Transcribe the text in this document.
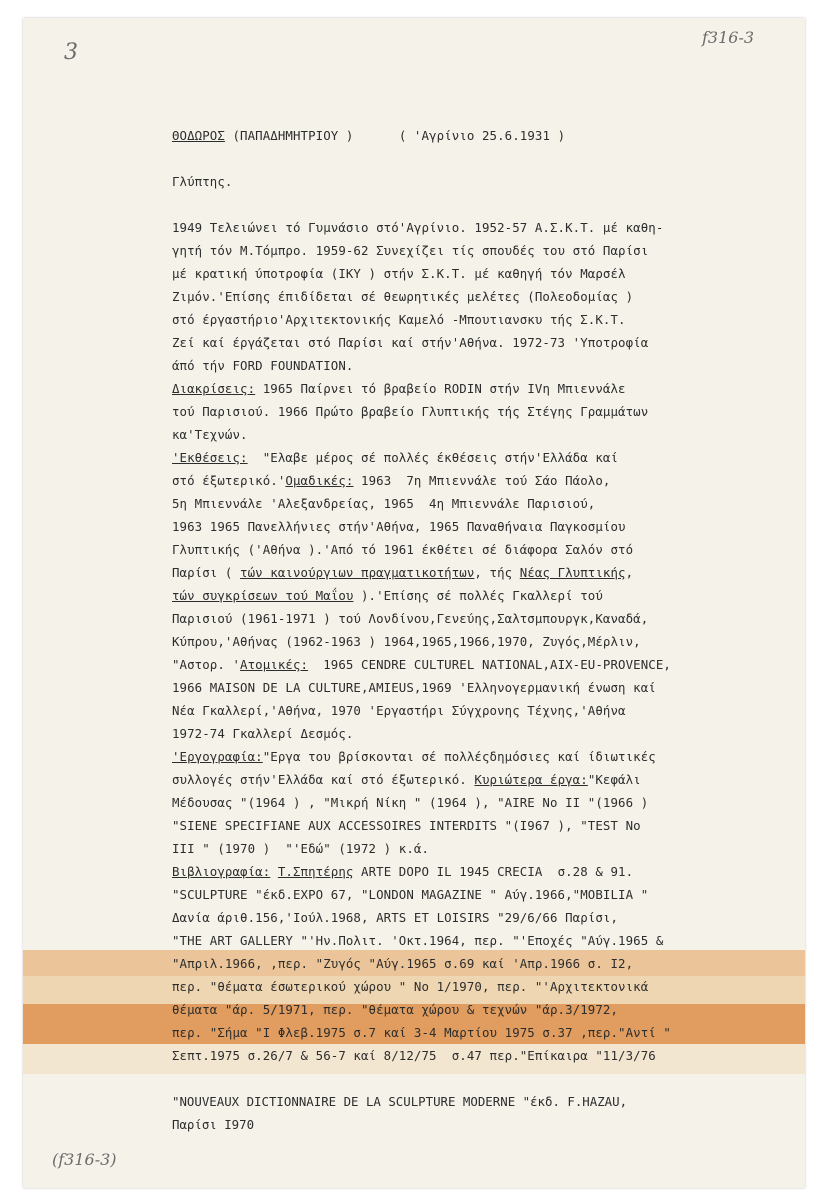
3
f316-3
(f316-3)

ΘΟΔΩΡΟΣ (ΠΑΠΑΔΗΜΗΤΡΙΟΥ )	( 'Αγρίνιο 25.6.1931 )

Γλύπτης.

1949 Τελειώνει τό Γυμνάσιο στό'Αγρίνιο. 1952-57 Α.Σ.Κ.Τ. μέ καθη-

γητή τόν Μ.Τόμπρο. 1959-62 Συνεχίζει τίς σπουδές του στό Παρίσι

μέ κρατική ύποτροφία (ΙΚΥ ) στήν Σ.Κ.Τ. μέ καθηγή τόν Μαρσέλ

Ζιμόν.'Επίσης έπιδίδεται σέ θεωρητικές μελέτες (Πολεοδομίας )

στό έργαστήριο'Αρχιτεκτονικής Καμελό -Μπουτιανσκυ τής Σ.Κ.Τ.

Ζεί καί έργάζεται στό Παρίσι καί στήν'Αθήνα. 1972-73 'Υποτροφία

άπό τήν FORD FOUNDATION.

Διακρίσεις: 1965 Παίρνει τό βραβείο RODIN στήν ΙVη Μπιεννάλε

τού Παρισιού. 1966 Πρώτο βραβείο Γλυπτικής τής Στέγης Γραμμάτων

κα'Τεχνών.

'Εκθέσεις:  "Ελαβε μέρος σέ πολλές έκθέσεις στήν'Ελλάδα καί

στό έξωτερικό.'Ομαδικές: 1963  7η Μπιεννάλε τού Σάο Πάολο,

5η Μπιεννάλε 'Αλεξανδρείας, 1965  4η Μπιεννάλε Παρισιού,

1963 1965 Πανελλήνιες στήν'Αθήνα, 1965 Παναθήναια Παγκοσμίου

Γλυπτικής ('Αθήνα ).'Από τό 1961 έκθέτει σέ διάφορα Σαλόν στό

Παρίσι ( τών καινούργιων πραγματικοτήτων, τής Νέας Γλυπτικής,

τών συγκρίσεων τού Μαΐου ).'Επίσης σέ πολλές Γκαλλερί τού

Παρισιού (1961-1971 ) τού Λονδίνου,Γενεύης,Σαλτσμπουργκ,Καναδά,

Κύπρου,'Αθήνας (1962-1963 ) 1964,1965,1966,1970, Ζυγός,Μέρλιν,

"Αστορ. 'Ατομικές:  1965 CENDRE CULTUREL NATIONAL,AIX-EU-PROVENCE,

1966 MAISON DE LA CULTURE,AMIEUS,1969 'Ελληνογερμανική ένωση καί

Νέα Γκαλλερί,'Αθήνα, 1970 'Εργαστήρι Σύγχρονης Τέχνης,'Αθήνα

1972-74 Γκαλλερί Δεσμός.

'Εργογραφία:"Εργα του βρίσκονται σέ πολλέςδημόσιες καί ίδιωτικές

συλλογές στήν'Ελλάδα καί στό έξωτερικό. Κυριώτερα έργα:"Κεφάλι

Μέδουσας "(1964 ) , "Μικρή Νίκη " (1964 ), "AIRE No II "(1966 )

"SIENE SPECIFIANE AUX ACCESSOIRES INTERDITS "(I967 ), "TEST No

III " (1970 )  "'Εδώ" (1972 ) κ.ά.

Βιβλιογραφία: Τ.Σπητέρης ARTE DOPO IL 1945 CRECIA  σ.28 & 91.

"SCULPTURE "έκδ.EXPO 67, "LONDON MAGAZINE " Αύγ.1966,"MOBILIA "

Δανία άριθ.156,'Ιούλ.1968, ARTS ET LOISIRS "29/6/66 Παρίσι,

"THE ART GALLERY "'Ην.Πολιτ. 'Οκτ.1964, περ. "'Εποχές "Αύγ.1965 &

"Απριλ.1966, ,περ. "Ζυγός "Αύγ.1965 σ.69 καί 'Απρ.1966 σ. Ι2,

περ. "θέματα έσωτερικού χώρου " Νο 1/1970, περ. "'Αρχιτεκτονικά

θέματα "άρ. 5/1971, περ. "θέματα χώρου & τεχνών "άρ.3/1972,

περ. "Σήμα "Ι Φλεβ.1975 σ.7 καί 3-4 Μαρτίου 1975 σ.37 ,περ."Αντί "

Σεπτ.1975 σ.26/7 & 56-7 καί 8/12/75  σ.47 περ."Επίκαιρα "11/3/76

"NOUVEAUX DICTIONNAIRE DE LA SCULPTURE MODERNE "έκδ. F.HAZAU,

Παρίσι Ι970
